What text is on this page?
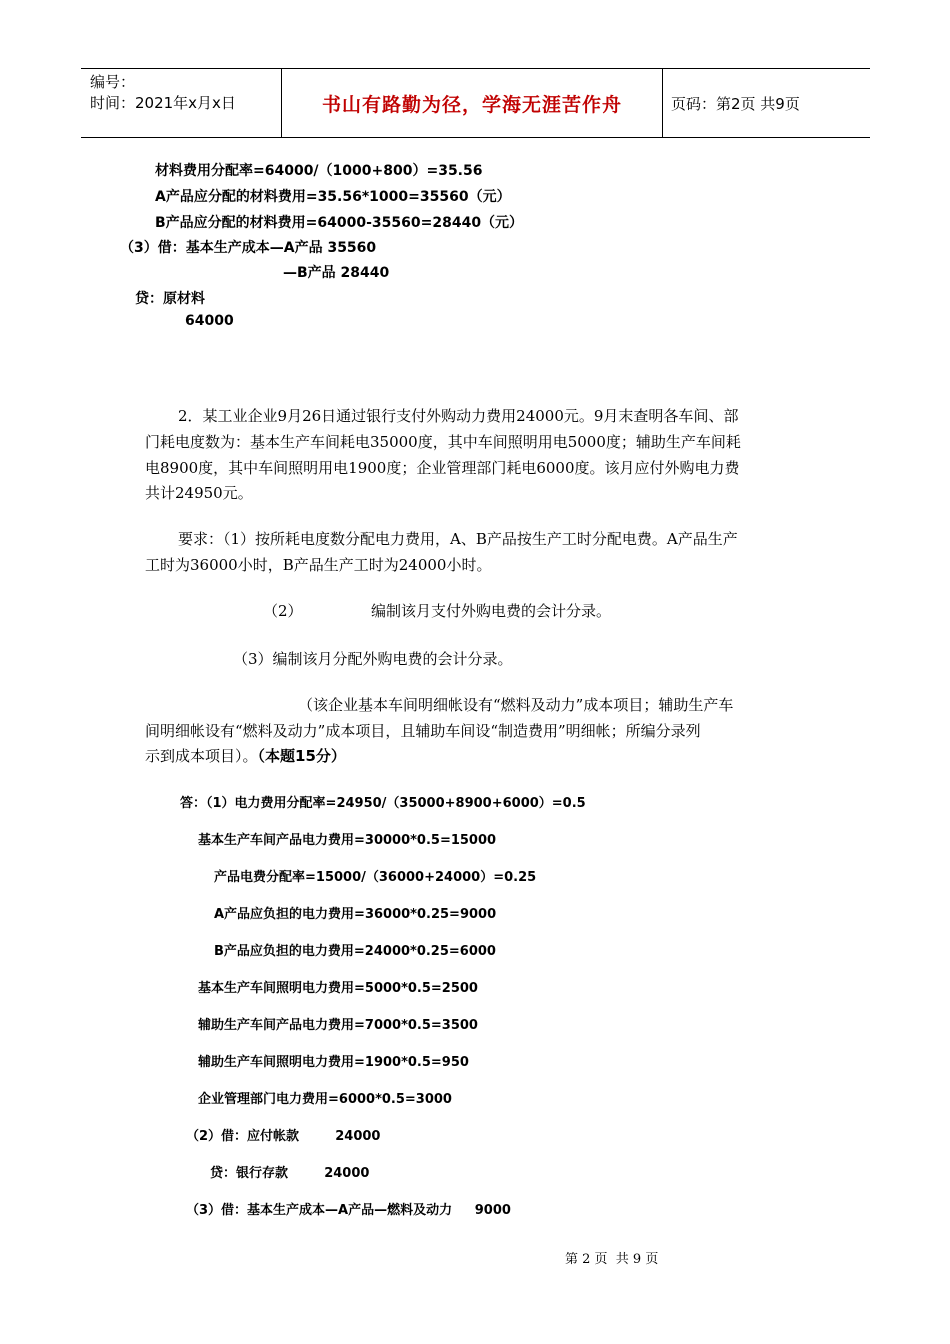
编号：
时间：2021年x月x日	书山有路勤为径，学海无涯苦作舟	页码：第2页 共9页
材料费用分配率=64000/（1000+800）=35.56
A产品应分配的材料费用=35.56*1000=35560（元）
B产品应分配的材料费用=64000-35560=28440（元）
（3）借：基本生产成本—A产品 35560
—B产品 28440
贷：原材料
64000
2．某工业企业9月26日通过银行支付外购动力费用24000元。9月末查明各车间、部
门耗电度数为：基本生产车间耗电35000度，其中车间照明用电5000度；辅助生产车间耗
电8900度，其中车间照明用电1900度；企业管理部门耗电6000度。该月应付外购电力费
共计24950元。
要求：（1）按所耗电度数分配电力费用，A、B产品按生产工时分配电费。A产品生产
工时为36000小时，B产品生产工时为24000小时。
（2）	编制该月支付外购电费的会计分录。
（3）编制该月分配外购电费的会计分录。
（该企业基本车间明细帐设有“燃料及动力”成本项目；辅助生产车
间明细帐设有“燃料及动力”成本项目，且辅助车间设“制造费用”明细帐；所编分录列
示到成本项目）。（本题15分）
答：（1）电力费用分配率=24950/（35000+8900+6000）=0.5
基本生产车间产品电力费用=30000*0.5=15000
产品电费分配率=15000/（36000+24000）=0.25
A产品应负担的电力费用=36000*0.25=9000
B产品应负担的电力费用=24000*0.25=6000
基本生产车间照明电力费用=5000*0.5=2500
辅助生产车间产品电力费用=7000*0.5=3500
辅助生产车间照明电力费用=1900*0.5=950
企业管理部门电力费用=6000*0.5=3000
（2）借：应付帐款        24000
贷：银行存款        24000
（3）借：基本生产成本—A产品—燃料及动力     9000
第 2 页  共 9 页
